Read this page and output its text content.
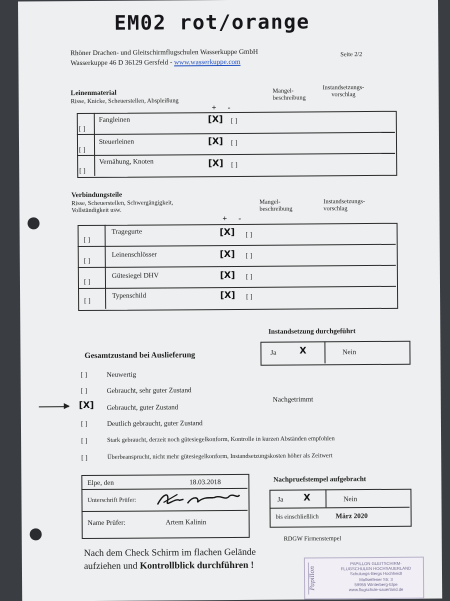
EM02 rot/orange
Rhöner Drachen- und Gleitschirmflugschulen Wasserkuppe GmbH
Wasserkuppe 46 D 36129 Gersfeld - www.wasserkuppe.com
Seite 2/2
Leinenmaterial
Risse, Knicke, Scheuerstellen, Abspleißung
Mangel-
beschreibung
Instandsetzungs-
vorschlag
+ -
[ ]
Fangleinen	[X] [ ]
[ ]
Steuerleinen	[X] [ ]
[ ]
Vernähung, Knoten	[X] [ ]
Verbindungsteile
Risse, Scheuerstellen, Schwergängigkeit,
Vollständigkeit usw.
Mangel-
beschreibung
Instandsetzungs-
vorschlag
+ -
[ ]
Tragegurte	[X] [ ]
[ ]
Leinenschlösser	[X] [ ]
[ ]
Gütesiegel DHV	[X] [ ]
[ ]
Typenschild	[X] [ ]
Instandsetzung durchgeführt
Ja	X	Nein
Gesamtzustand bei Auslieferung
[ ]	Neuwertig
[ ]	Gebraucht, sehr guter Zustand
[X] Gebraucht, guter Zustand
Nachgetrimmt
[ ]	Deutlich gebraucht, guter Zustand
[ ]	Stark gebraucht, derzeit noch gütesiegelkonform, Kontrolle in kurzen Abständen empfohlen
[ ]	Überbeansprucht, nicht mehr gütesiegelkonform, Instandsetzungskosten höher als Zeitwert
Elpe, den	18.03.2018
Unterschrift Prüfer:
Name Prüfer:	Artem Kalinin
Nachpruefstempel aufgebracht
Ja X	Nein
bis einschließlich März 2020
RDGW Firmenstempel
Nach dem Check Schirm im flachen Gelände
aufziehen und Kontrollblick durchführen !	Papillon
PAPILLON GLEITSCHIRM-
FLUGSCHULEN HOCHSAUERLAND
Schulungs-Bergs Hochheidt
Mollseifener Str. 3
59955 Winterberg-Elpe
www.flugschule-sauerland.de
